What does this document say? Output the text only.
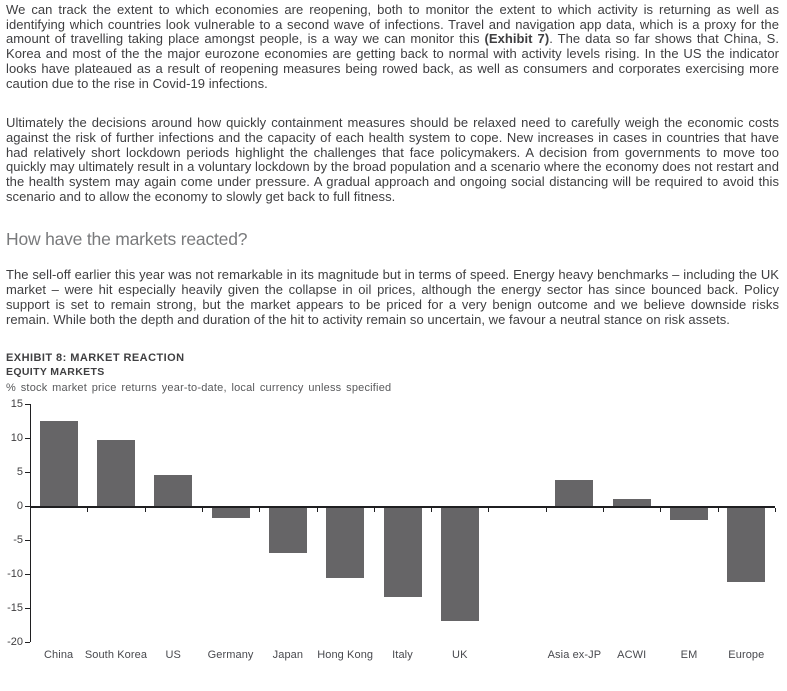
We can track the extent to which economies are reopening, both to monitor the extent to which activity is returning as well as identifying which countries look vulnerable to a second wave of infections. Travel and navigation app data, which is a proxy for the amount of travelling taking place amongst people, is a way we can monitor this (Exhibit 7). The data so far shows that China, S. Korea and most of the the major eurozone economies are getting back to normal with activity levels rising. In the US the indicator looks have plateaued as a result of reopening measures being rowed back, as well as consumers and corporates exercising more caution due to the rise in Covid-19 infections.

Ultimately the decisions around how quickly containment measures should be relaxed need to carefully weigh the economic costs against the risk of further infections and the capacity of each health system to cope. New increases in cases in countries that have had relatively short lockdown periods highlight the challenges that face policymakers. A decision from governments to move too quickly may ultimately result in a voluntary lockdown by the broad population and a scenario where the economy does not restart and the health system may again come under pressure. A gradual approach and ongoing social distancing will be required to avoid this scenario and to allow the economy to slowly get back to full fitness.

How have the markets reacted?

The sell-off earlier this year was not remarkable in its magnitude but in terms of speed. Energy heavy benchmarks – including the UK market – were hit especially heavily given the collapse in oil prices, although the energy sector has since bounced back. Policy support is set to remain strong, but the market appears to be priced for a very benign outcome and we believe downside risks remain. While both the depth and duration of the hit to activity remain so uncertain, we favour a neutral stance on risk assets.

EXHIBIT 8: MARKET REACTION
EQUITY MARKETS
% stock market price returns year-to-date, local currency unless specified
15
10
5
0
-5
-10
-15
-20
China	South Korea	US	Germany	Japan	Hong Kong	Italy	UK	Asia ex-JP	ACWI	EM	Europe
